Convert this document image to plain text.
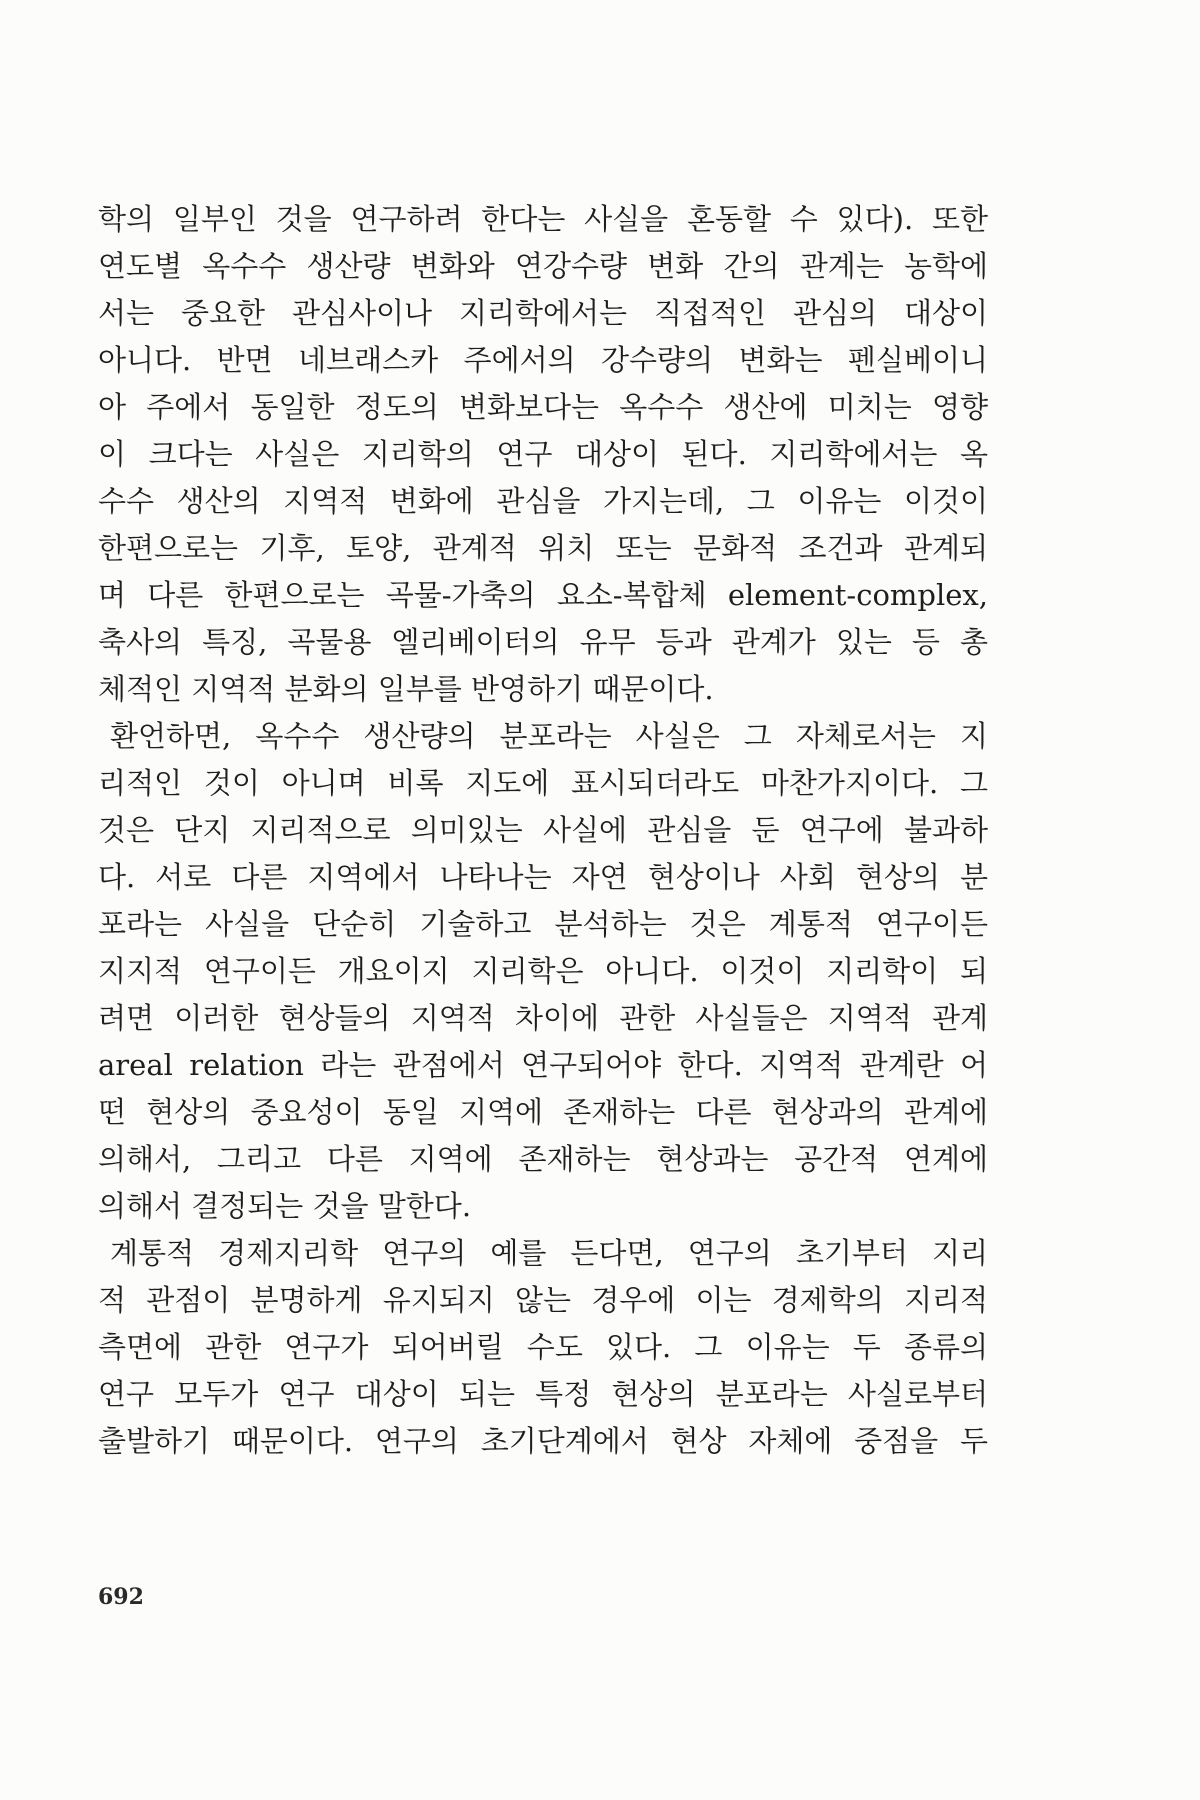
학의 일부인 것을 연구하려 한다는 사실을 혼동할 수 있다). 또한
연도별 옥수수 생산량 변화와 연강수량 변화 간의 관계는 농학에
서는 중요한 관심사이나 지리학에서는 직접적인 관심의 대상이
아니다. 반면 네브래스카 주에서의 강수량의 변화는 펜실베이니
아 주에서 동일한 정도의 변화보다는 옥수수 생산에 미치는 영향
이 크다는 사실은 지리학의 연구 대상이 된다. 지리학에서는 옥
수수 생산의 지역적 변화에 관심을 가지는데, 그 이유는 이것이
한편으로는 기후, 토양, 관계적 위치 또는 문화적 조건과 관계되
며 다른 한편으로는 곡물-가축의 요소-복합체 element-complex,
축사의 특징, 곡물용 엘리베이터의 유무 등과 관계가 있는 등 총
체적인 지역적 분화의 일부를 반영하기 때문이다.
환언하면, 옥수수 생산량의 분포라는 사실은 그 자체로서는 지
리적인 것이 아니며 비록 지도에 표시되더라도 마찬가지이다. 그
것은 단지 지리적으로 의미있는 사실에 관심을 둔 연구에 불과하
다. 서로 다른 지역에서 나타나는 자연 현상이나 사회 현상의 분
포라는 사실을 단순히 기술하고 분석하는 것은 계통적 연구이든
지지적 연구이든 개요이지 지리학은 아니다. 이것이 지리학이 되
려면 이러한 현상들의 지역적 차이에 관한 사실들은 지역적 관계
areal relation 라는 관점에서 연구되어야 한다. 지역적 관계란 어
떤 현상의 중요성이 동일 지역에 존재하는 다른 현상과의 관계에
의해서, 그리고 다른 지역에 존재하는 현상과는 공간적 연계에
의해서 결정되는 것을 말한다.
계통적 경제지리학 연구의 예를 든다면, 연구의 초기부터 지리
적 관점이 분명하게 유지되지 않는 경우에 이는 경제학의 지리적
측면에 관한 연구가 되어버릴 수도 있다. 그 이유는 두 종류의
연구 모두가 연구 대상이 되는 특정 현상의 분포라는 사실로부터
출발하기 때문이다. 연구의 초기단계에서 현상 자체에 중점을 두
692
